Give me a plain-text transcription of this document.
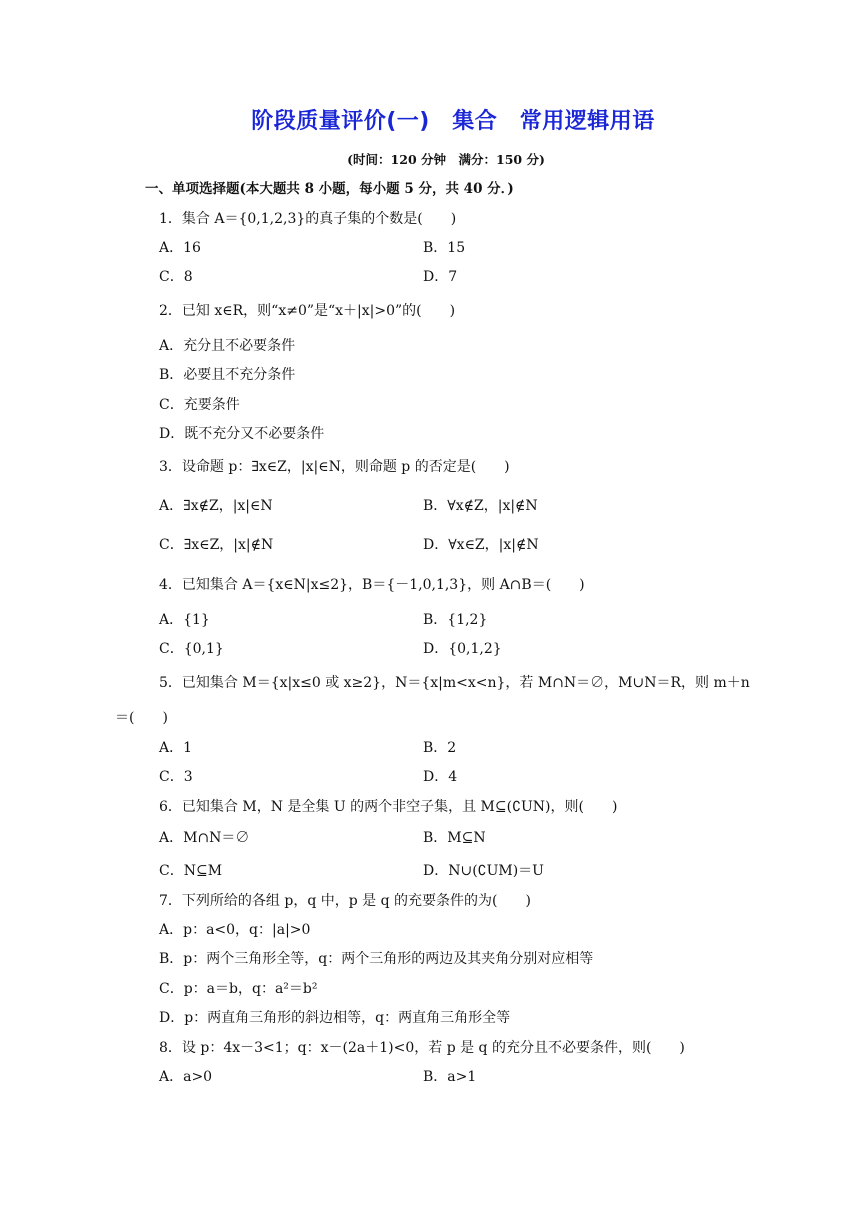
阶段质量评价(一)　集合　常用逻辑用语
(时间：120 分钟　满分：150 分)
一、单项选择题(本大题共 8 小题，每小题 5 分，共 40 分．)
1．集合 A＝{0,1,2,3}的真子集的个数是(　　)
A．16	B．15
C．8	D．7
2．已知 x∈R，则“x≠0”是“x＋|x|>0”的(　　)
A．充分且不必要条件
B．必要且不充分条件
C．充要条件
D．既不充分又不必要条件
3．设命题 p：∃x∈Z，|x|∈N，则命题 p 的否定是(　　)
A．∃x∉Z，|x|∈N	B．∀x∉Z，|x|∉N
C．∃x∈Z，|x|∉N	D．∀x∈Z，|x|∉N
4．已知集合 A＝{x∈N|x≤2}，B＝{－1,0,1,3}，则 A∩B＝(　　)
A．{1}	B．{1,2}
C．{0,1}	D．{0,1,2}
5．已知集合 M＝{x|x≤0 或 x≥2}，N＝{x|m<x<n}，若 M∩N＝∅，M∪N＝R，则 m＋n
＝(　　)
A．1	B．2
C．3	D．4
6．已知集合 M，N 是全集 U 的两个非空子集，且 M⊆(∁UN)，则(　　)
A．M∩N＝∅	B．M⊆N
C．N⊆M	D．N∪(∁UM)＝U
7．下列所给的各组 p，q 中，p 是 q 的充要条件的为(　　)
A．p：a<0，q：|a|>0
B．p：两个三角形全等，q：两个三角形的两边及其夹角分别对应相等
C．p：a＝b，q：a²＝b²
D．p：两直角三角形的斜边相等，q：两直角三角形全等
8．设 p：4x－3<1；q：x－(2a＋1)<0，若 p 是 q 的充分且不必要条件，则(　　)
A．a>0	B．a>1
